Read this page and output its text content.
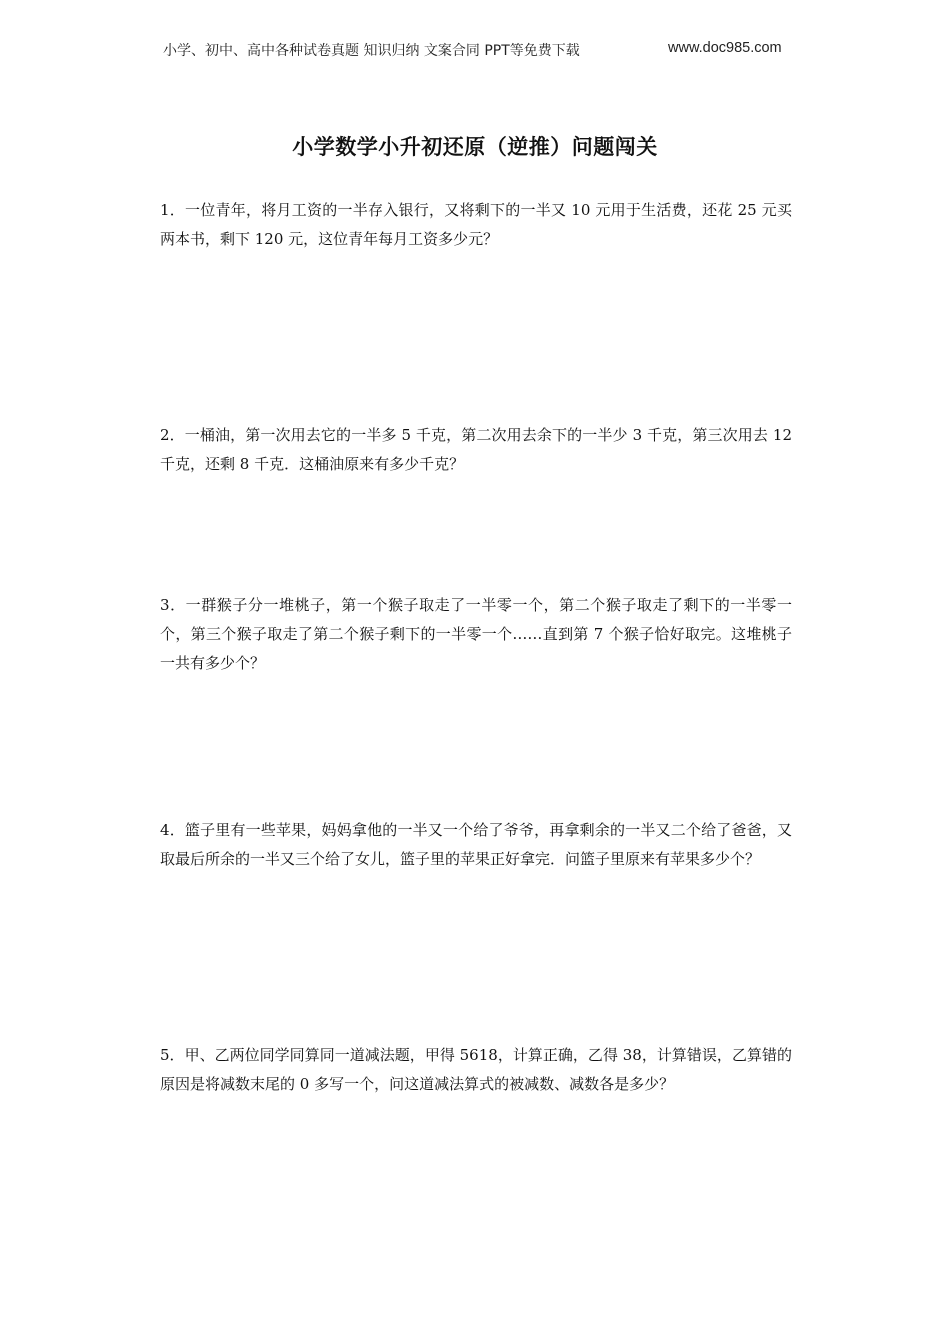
小学、初中、高中各种试卷真题 知识归纳 文案合同 PPT等免费下载	www.doc985.com
小学数学小升初还原（逆推）问题闯关

1．一位青年，将月工资的一半存入银行，又将剩下的一半又 10 元用于生活费，还花 25 元买两本书，剩下 120 元，这位青年每月工资多少元？

2．一桶油，第一次用去它的一半多 5 千克，第二次用去余下的一半少 3 千克，第三次用去 12 千克，还剩 8 千克．这桶油原来有多少千克？

3．一群猴子分一堆桃子，第一个猴子取走了一半零一个，第二个猴子取走了剩下的一半零一个，第三个猴子取走了第二个猴子剩下的一半零一个……直到第 7 个猴子恰好取完。这堆桃子一共有多少个？

4．篮子里有一些苹果，妈妈拿他的一半又一个给了爷爷，再拿剩余的一半又二个给了爸爸，又取最后所余的一半又三个给了女儿，篮子里的苹果正好拿完．问篮子里原来有苹果多少个？

5．甲、乙两位同学同算同一道减法题，甲得 5618，计算正确，乙得 38，计算错误，乙算错的原因是将减数末尾的 0 多写一个，问这道减法算式的被减数、减数各是多少？
